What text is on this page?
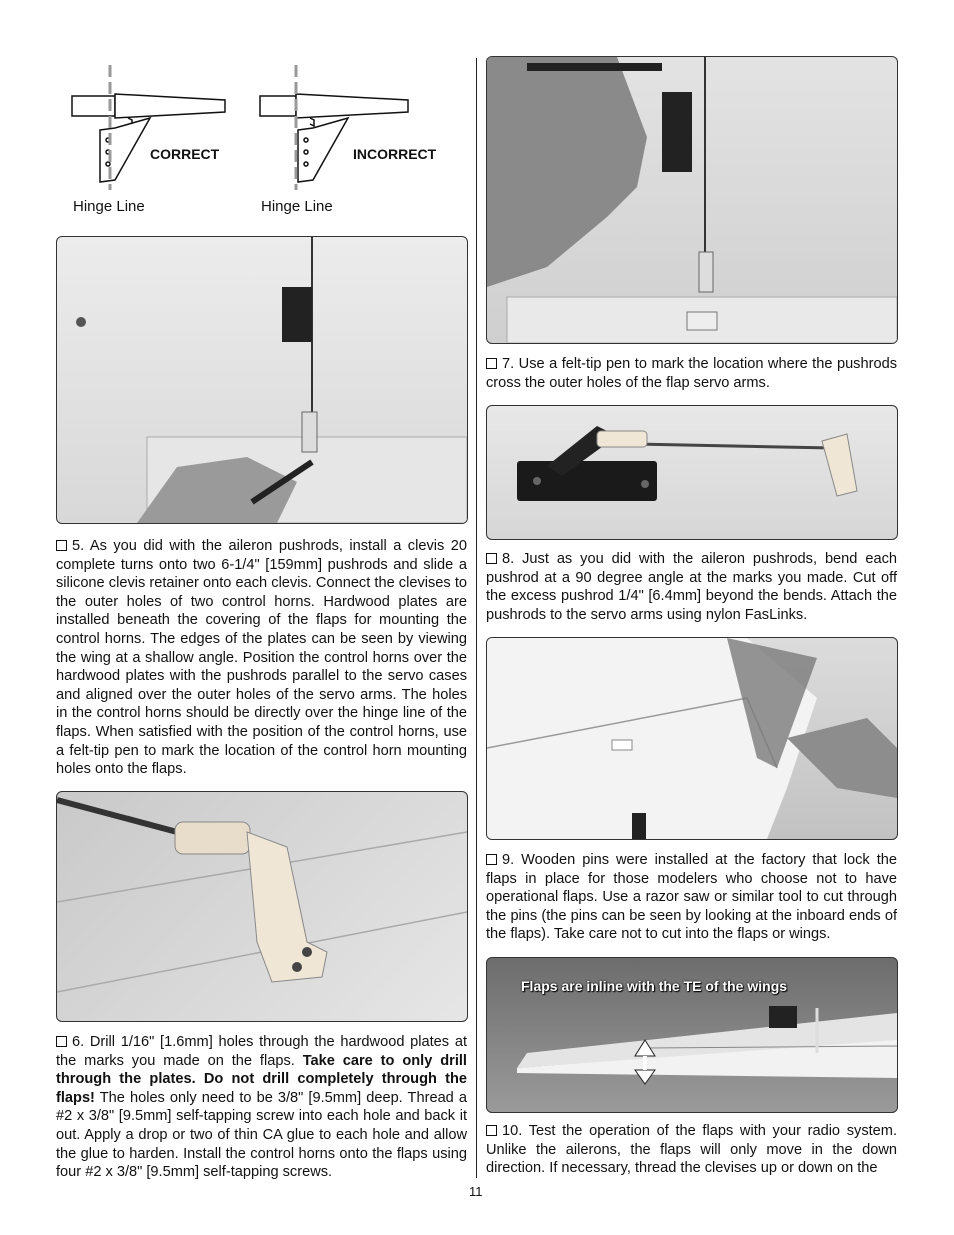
CORRECT	INCORRECT
Hinge Line	Hinge Line
5. As you did with the aileron pushrods, install a clevis 20 complete turns onto two 6-1/4" [159mm] pushrods and slide a silicone clevis retainer onto each clevis. Connect the clevises to the outer holes of two control horns. Hardwood plates are installed beneath the covering of the flaps for mounting the control horns. The edges of the plates can be seen by viewing the wing at a shallow angle. Position the control horns over the hardwood plates with the pushrods parallel to the servo cases and aligned over the outer holes of the servo arms. The holes in the control horns should be directly over the hinge line of the flaps. When satisfied with the position of the control horns, use a felt-tip pen to mark the location of the control horn mounting holes onto the flaps.
6. Drill 1/16" [1.6mm] holes through the hardwood plates at the marks you made on the flaps. Take care to only drill through the plates. Do not drill completely through the flaps! The holes only need to be 3/8" [9.5mm] deep. Thread a #2 x 3/8" [9.5mm] self-tapping screw into each hole and back it out. Apply a drop or two of thin CA glue to each hole and allow the glue to harden. Install the control horns onto the flaps using four #2 x 3/8" [9.5mm] self-tapping screws.
7. Use a felt-tip pen to mark the location where the pushrods cross the outer holes of the flap servo arms.
8. Just as you did with the aileron pushrods, bend each pushrod at a 90 degree angle at the marks you made. Cut off the excess pushrod 1/4" [6.4mm] beyond the bends. Attach the pushrods to the servo arms using nylon FasLinks.
9. Wooden pins were installed at the factory that lock the flaps in place for those modelers who choose not to have operational flaps. Use a razor saw or similar tool to cut through the pins (the pins can be seen by looking at the inboard ends of the flaps). Take care not to cut into the flaps or wings.
Flaps are inline with the TE of the wings
10. Test the operation of the flaps with your radio system. Unlike the ailerons, the flaps will only move in the down direction. If necessary, thread the clevises up or down on the
11
